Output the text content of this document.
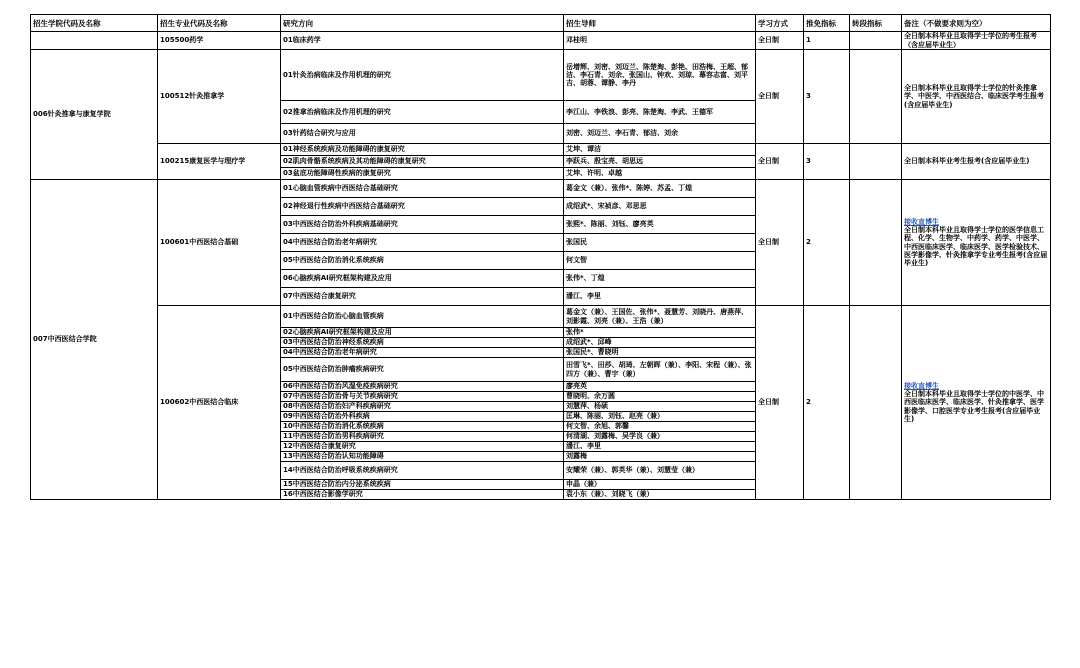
招生学院代码及名称	招生专业代码及名称	研究方向	招生导师	学习方式	推免指标	转段指标	备注（不做要求则为空）
	105500药学	01临床药学	邓桂明	全日制	1		全日制本科毕业且取得学士学位的考生报考（含应届毕业生）
006针灸推拿与康复学院	100512针灸推拿学	01针灸治病临床及作用机理的研究	岳增辉、刘密、刘迈兰、陈楚淘、彭艳、田浩梅、王超、郁洁、李石青、刘余、张国山、钟欢、刘琼、幕容志富、刘平吉、胡蓉、谭静、李丹	全日制	3		全日制本科毕业且取得学士学位的针灸推拿学、中医学、中西医结合、临床医学考生报考(含应届毕业生)
		02推拿治病临床及作用机理的研究	李江山、李铁浪、彭亮、陈楚淘、李武、王德军				
		03针药结合研究与应用	刘密、刘迈兰、李石青、郁洁、刘余				
	100215康复医学与理疗学	01神经系统疾病及功能障碍的康复研究	艾坤、谭洁	全日制	3		全日制本科毕业考生报考(含应届毕业生)
		02肌肉骨骼系统疾病及其功能障碍的康复研究	李跃兵、殷宝亮、胡思远				
		03盆底功能障碍性疾病的康复研究	艾坤、许明、卓越				
007中西医结合学院	100601中西医结合基础	01心脑血管疾病中西医结合基础研究	葛金文（兼）、张伟*、陈婷、苏孟、丁煌	全日制	2		接收直博生
全日制本科毕业且取得学士学位的医学信息工程、化学、生物学、中药学、药学、中医学、中西医临床医学、临床医学、医学检验技术、医学影像学、针灸推拿学专业考生报考(含应届毕业生)
		02神经退行性疾病中西医结合基础研究	成绍武*、宋祯彦、邓思思				
		03中西医结合防治外科疾病基础研究	张熙*、陈丽、刘钰、廖亮英				
		04中西医结合防治老年病研究	张国民				
		05中西医结合防治消化系统疾病	何文智				
		06心脑疾病AI研究框架构建及应用	张伟*、丁煌				
		07中西医结合康复研究	潘江、李里				
	100602中西医结合临床	01中西医结合防治心脑血管疾病	葛金文（兼）、王国佐、张伟*、聂慧芳、刘晓丹、唐燕萍、刘影霞、刘亮（兼）、王浩（兼）	全日制	2		接收直博生
全日制本科毕业且取得学士学位的中医学、中西医临床医学、临床医学、针灸推拿学、医学影像学、口腔医学专业考生报考(含应届毕业生)
		02心脑疾病AI研究框架构建及应用	张伟*				
		03中西医结合防治神经系统疾病	成绍武*、邱峰				
		04中西医结合防治老年病研究	张国民*、曹晓明				
		05中西医结合防治肿瘤疾病研究	田雪飞*、田莎、胡琦、左朝晖（兼）、李阳、宋程（兼）、张四方（兼）、曹宇（兼）				
		06中西医结合防治风湿免疫疾病研究	廖亮英				
		07中西医结合防治骨与关节疾病研究	曹晓明、余万圆				
		08中西医结合防治妇产科疾病研究	刘慧萍、杨硕				
		09中西医结合防治外科疾病	匡琳、陈丽、刘钰、赵亮（兼）				
		10中西医结合防治消化系统疾病	何文智、余旭、郭馨				
		11中西医结合防治男科疾病研究	何清湖、刘露梅、吴学良（兼）				
		12中西医结合康复研究	潘江、李里				
		13中西医结合防治认知功能障碍	刘露梅				
		14中西医结合防治呼吸系统疾病研究	安耀荣（兼）、郭英华（兼）、刘慧莹（兼）				
		15中西医结合防治内分泌系统疾病	申晶（兼）				
		16中西医结合影像学研究	袁小东（兼）、刘晓飞（兼）				
